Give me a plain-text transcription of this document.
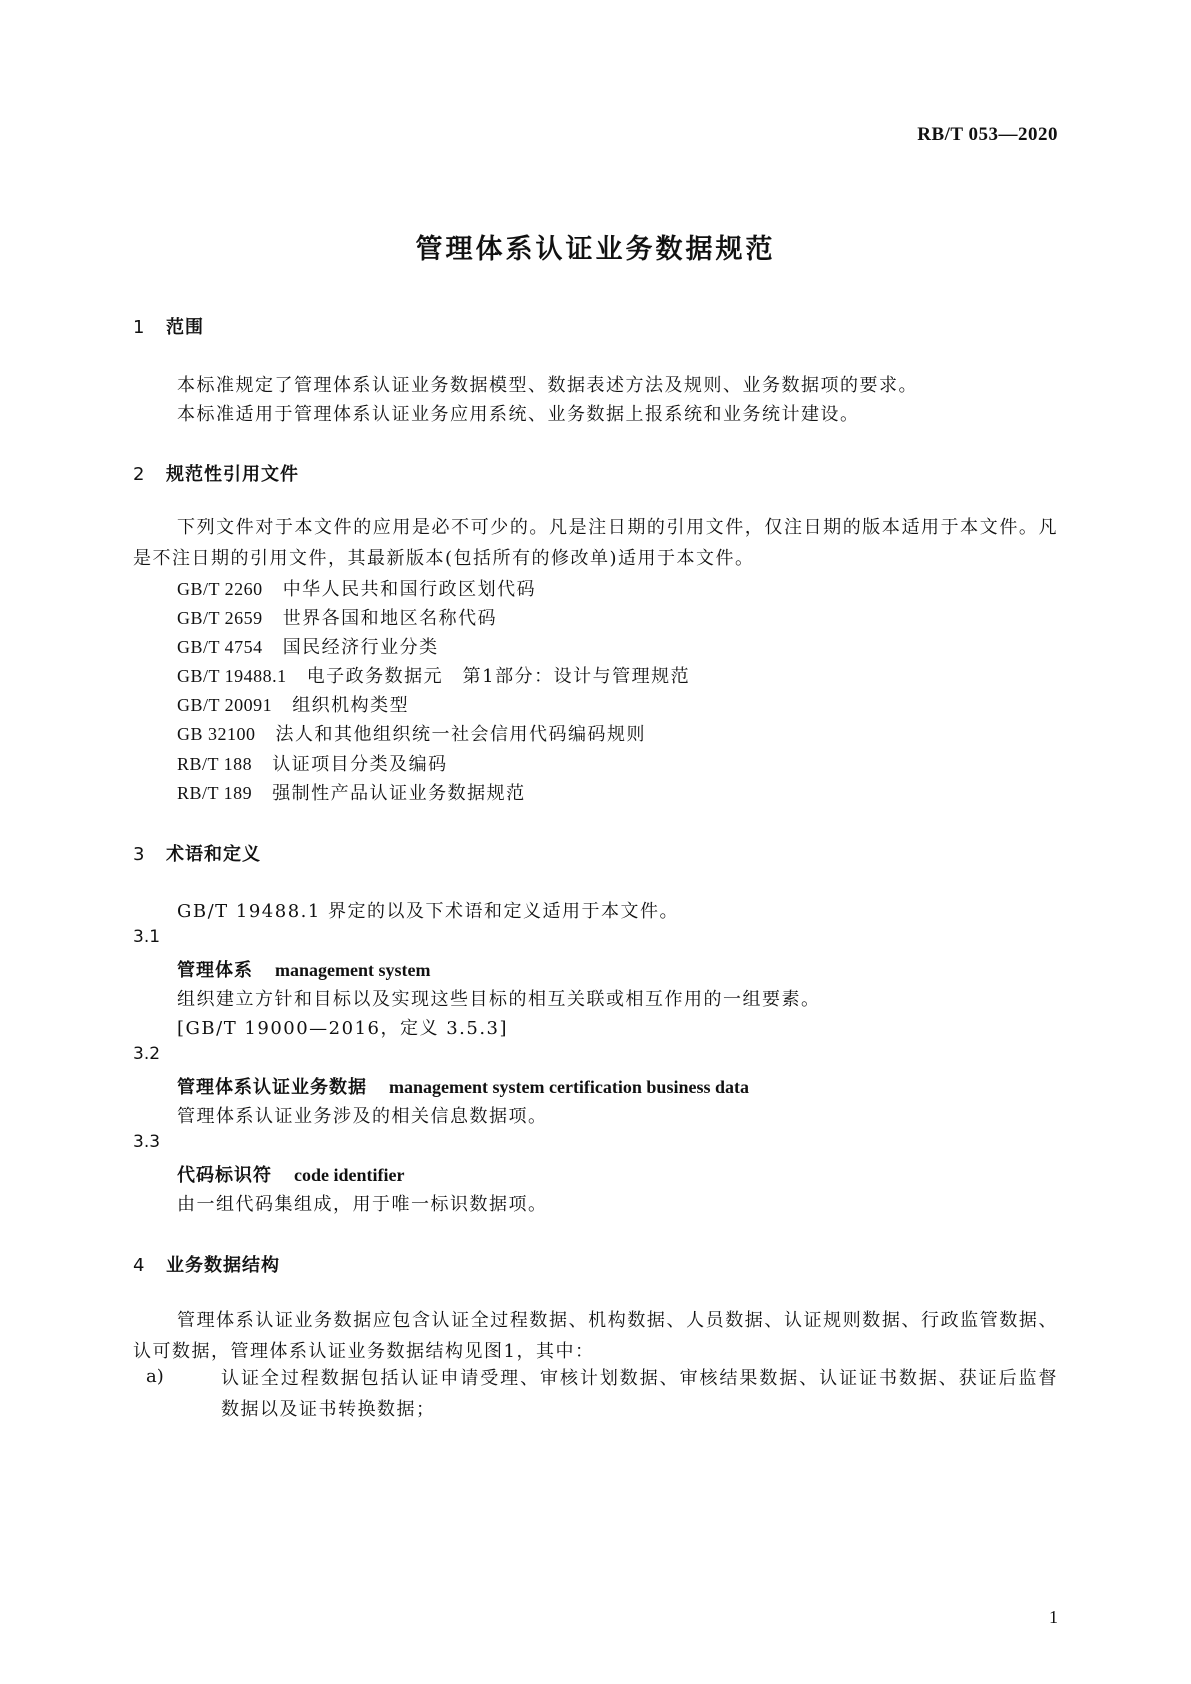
RB/T 053—2020
管理体系认证业务数据规范
1 范围
本标准规定了管理体系认证业务数据模型、数据表述方法及规则、业务数据项的要求。
本标准适用于管理体系认证业务应用系统、业务数据上报系统和业务统计建设。
2 规范性引用文件
下列文件对于本文件的应用是必不可少的。凡是注日期的引用文件，仅注日期的版本适用于本文件。凡是不注日期的引用文件，其最新版本(包括所有的修改单)适用于本文件。
GB/T 2260 中华人民共和国行政区划代码
GB/T 2659 世界各国和地区名称代码
GB/T 4754 国民经济行业分类
GB/T 19488.1 电子政务数据元　第1部分：设计与管理规范
GB/T 20091 组织机构类型
GB 32100 法人和其他组织统一社会信用代码编码规则
RB/T 188 认证项目分类及编码
RB/T 189 强制性产品认证业务数据规范
3 术语和定义
GB/T 19488.1 界定的以及下术语和定义适用于本文件。
3.1
管理体系 management system
组织建立方针和目标以及实现这些目标的相互关联或相互作用的一组要素。
[GB/T 19000—2016，定义 3.5.3]
3.2
管理体系认证业务数据 management system certification business data
管理体系认证业务涉及的相关信息数据项。
3.3
代码标识符 code identifier
由一组代码集组成，用于唯一标识数据项。
4 业务数据结构
管理体系认证业务数据应包含认证全过程数据、机构数据、人员数据、认证规则数据、行政监管数据、认可数据，管理体系认证业务数据结构见图1，其中：
a)	认证全过程数据包括认证申请受理、审核计划数据、审核结果数据、认证证书数据、获证后监督数据以及证书转换数据；
1
